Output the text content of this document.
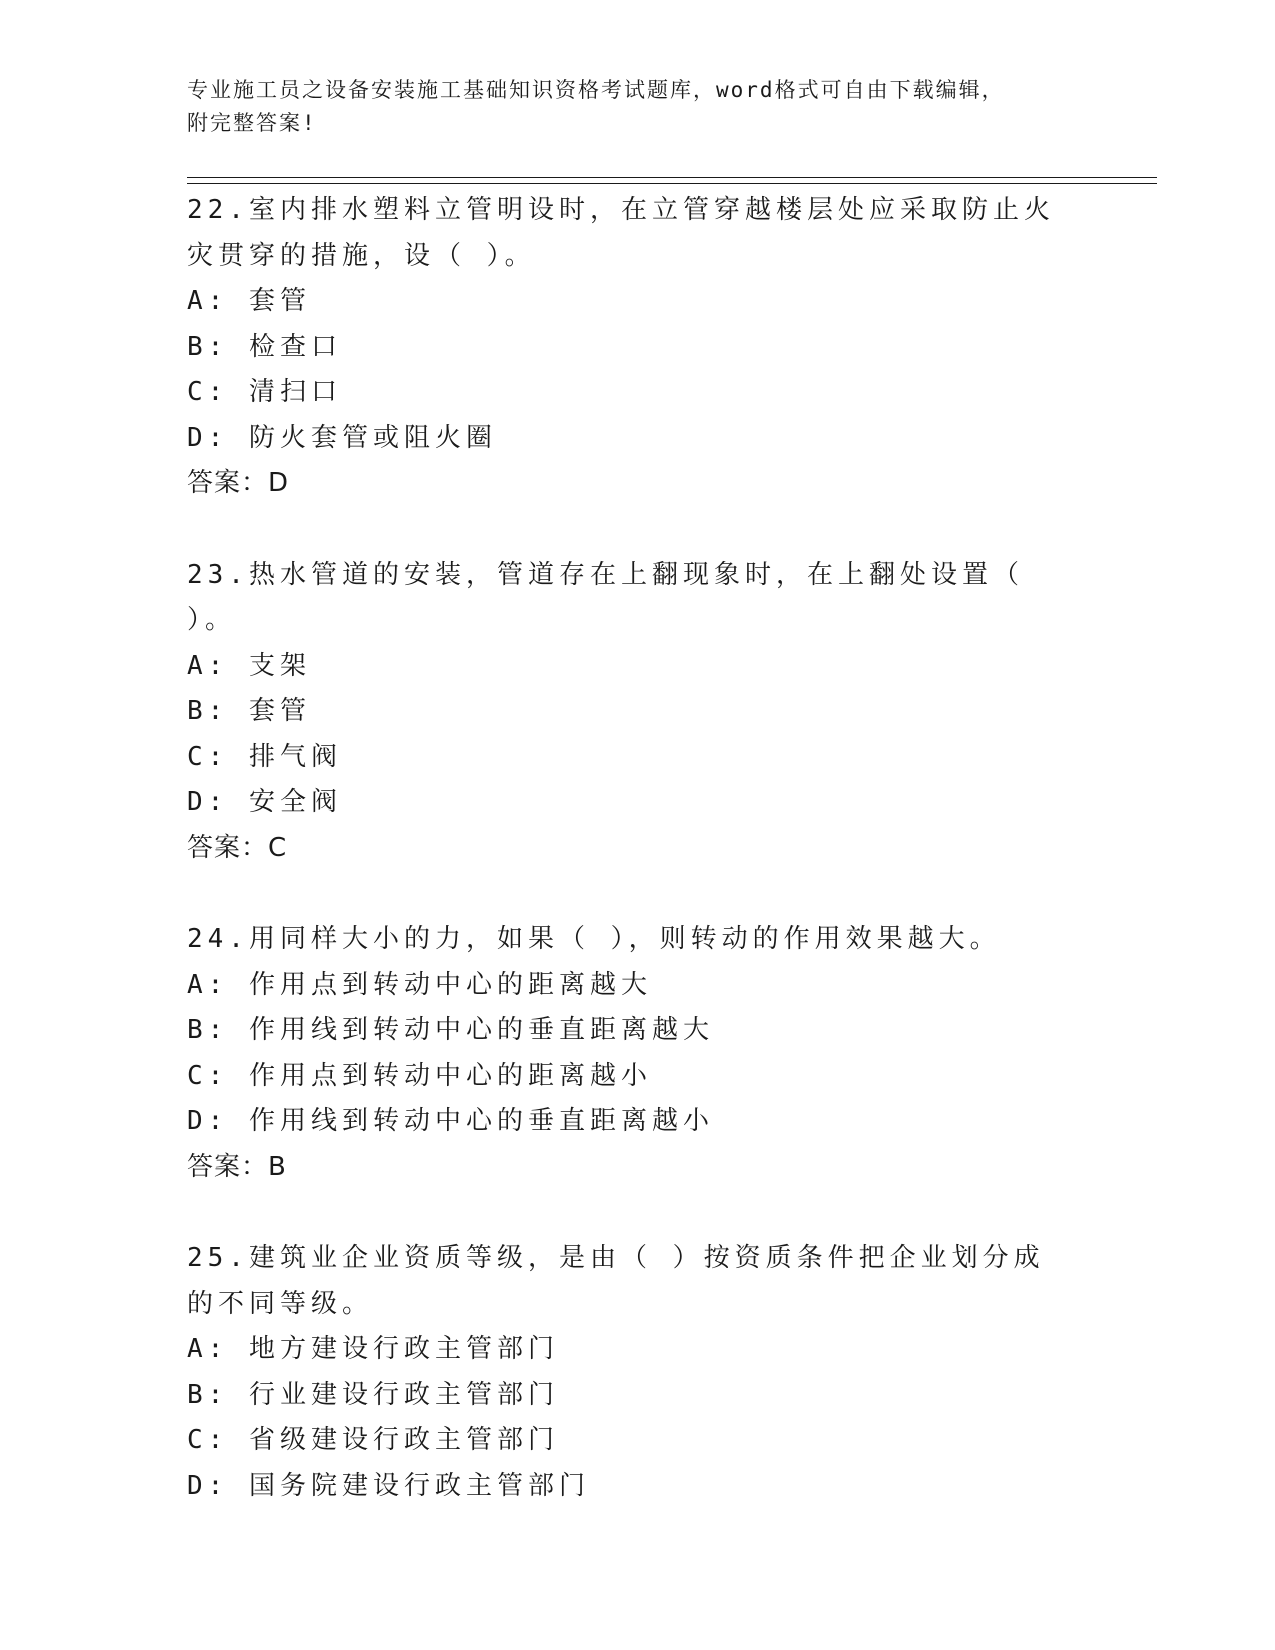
专业施工员之设备安装施工基础知识资格考试题库，word格式可自由下载编辑，
附完整答案!
22.室内排水塑料立管明设时，在立管穿越楼层处应采取防止火灾贯穿的措施，设（ ）。
A: 套管
B: 检查口
C: 清扫口
D: 防火套管或阻火圈
答案：D
23.热水管道的安装，管道存在上翻现象时，在上翻处设置（ ）。
A: 支架
B: 套管
C: 排气阀
D: 安全阀
答案：C
24.用同样大小的力，如果（ ），则转动的作用效果越大。
A: 作用点到转动中心的距离越大
B: 作用线到转动中心的垂直距离越大
C: 作用点到转动中心的距离越小
D: 作用线到转动中心的垂直距离越小
答案：B
25.建筑业企业资质等级，是由（ ）按资质条件把企业划分成的不同等级。
A: 地方建设行政主管部门
B: 行业建设行政主管部门
C: 省级建设行政主管部门
D: 国务院建设行政主管部门
